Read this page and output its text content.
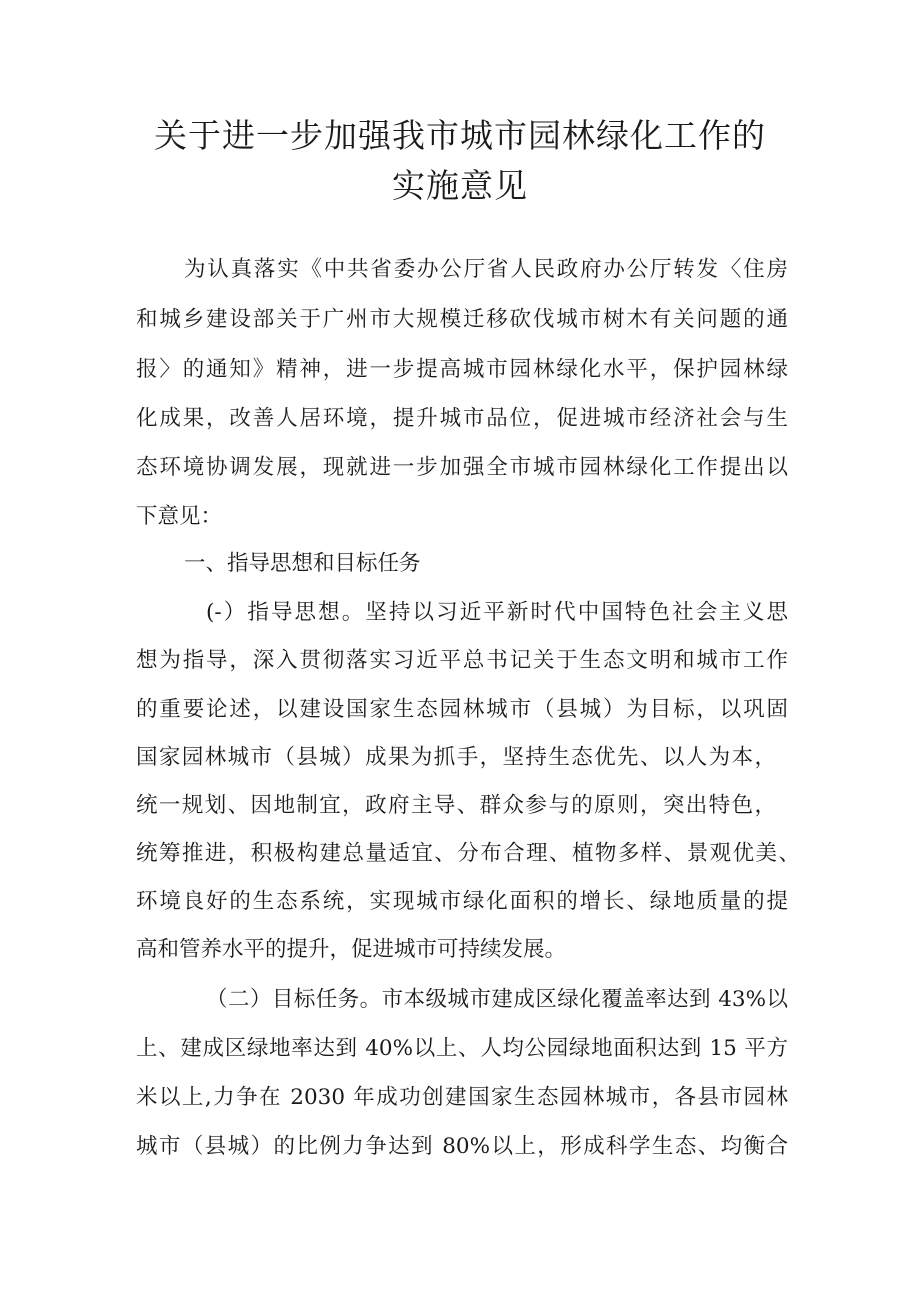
关于进一步加强我市城市园林绿化工作的
实施意见

为认真落实《中共省委办公厅省人民政府办公厅转发〈住房

和城乡建设部关于广州市大规模迁移砍伐城市树木有关问题的通

报〉的通知》精神，进一步提高城市园林绿化水平，保护园林绿

化成果，改善人居环境，提升城市品位，促进城市经济社会与生

态环境协调发展，现就进一步加强全市城市园林绿化工作提出以

下意见：

一、指导思想和目标任务

(-）指导思想。坚持以习近平新时代中国特色社会主义思

想为指导，深入贯彻落实习近平总书记关于生态文明和城市工作

的重要论述，以建设国家生态园林城市（县城）为目标，以巩固

国家园林城市（县城）成果为抓手，坚持生态优先、以人为本，

统一规划、因地制宜，政府主导、群众参与的原则，突出特色，

统筹推进，积极构建总量适宜、分布合理、植物多样、景观优美、

环境良好的生态系统，实现城市绿化面积的增长、绿地质量的提

高和管养水平的提升，促进城市可持续发展。

（二）目标任务。市本级城市建成区绿化覆盖率达到 43%以

上、建成区绿地率达到 40%以上、人均公园绿地面积达到 15 平方

米以上,力争在 2030 年成功创建国家生态园林城市，各县市园林

城市（县城）的比例力争达到 80%以上，形成科学生态、均衡合
